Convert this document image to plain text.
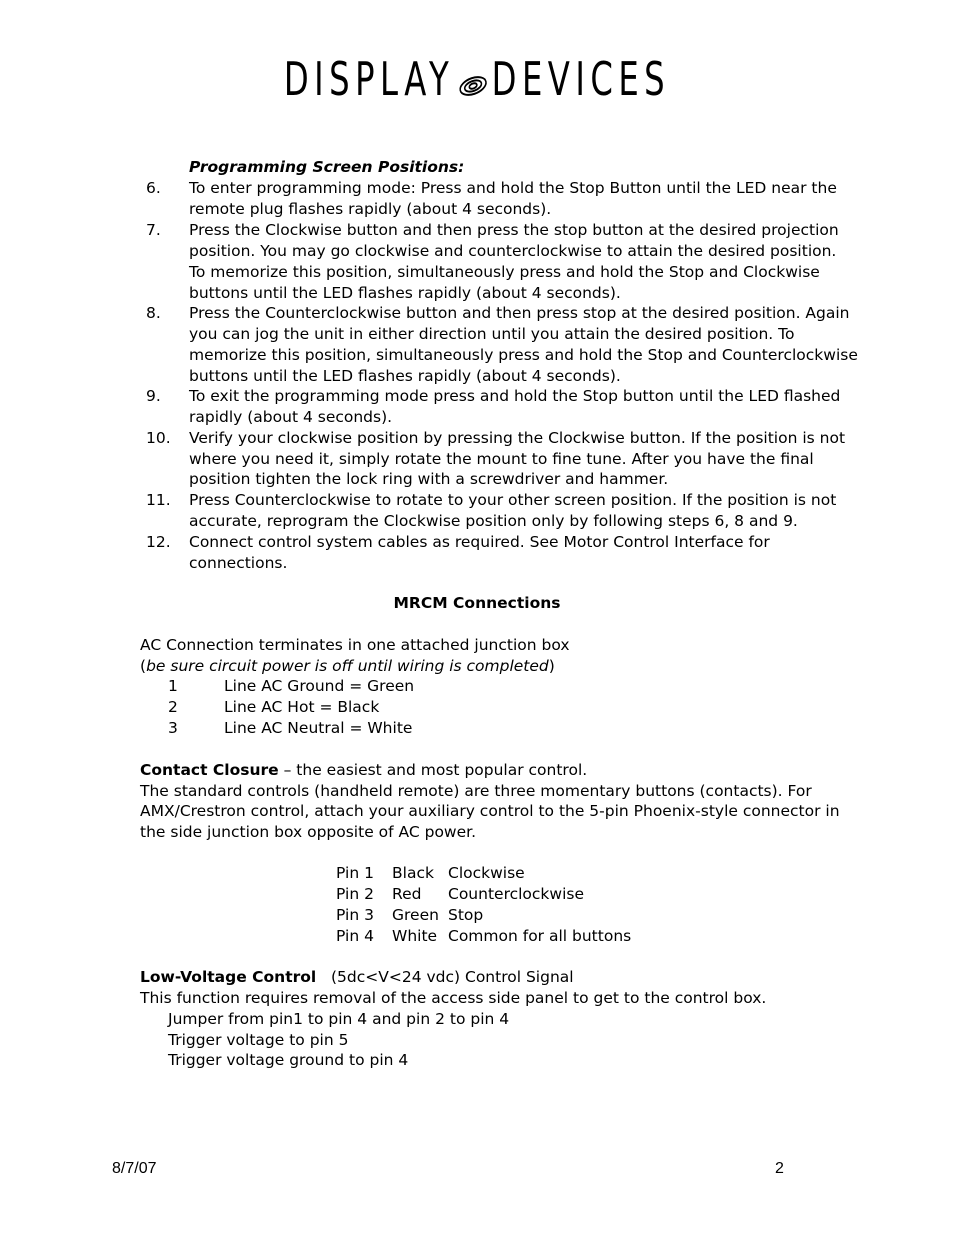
DISPLAY DEVICES
Programming Screen Positions:
6. To enter programming mode: Press and hold the Stop Button until the LED near the
remote plug flashes rapidly (about 4 seconds).
7. Press the Clockwise button and then press the stop button at the desired projection
position. You may go clockwise and counterclockwise to attain the desired position.
To memorize this position, simultaneously press and hold the Stop and Clockwise
buttons until the LED flashes rapidly (about 4 seconds).
8. Press the Counterclockwise button and then press stop at the desired position. Again
you can jog the unit in either direction until you attain the desired position. To
memorize this position, simultaneously press and hold the Stop and Counterclockwise
buttons until the LED flashes rapidly (about 4 seconds).
9. To exit the programming mode press and hold the Stop button until the LED flashed
rapidly (about 4 seconds).
10. Verify your clockwise position by pressing the Clockwise button. If the position is not
where you need it, simply rotate the mount to fine tune. After you have the final
position tighten the lock ring with a screwdriver and hammer.
11. Press Counterclockwise to rotate to your other screen position. If the position is not
accurate, reprogram the Clockwise position only by following steps 6, 8 and 9.
12. Connect control system cables as required. See Motor Control Interface for
connections.
MRCM Connections
AC Connection terminates in one attached junction box
(be sure circuit power is off until wiring is completed)
1	Line AC Ground = Green
2	Line AC Hot = Black
3	Line AC Neutral = White
Contact Closure – the easiest and most popular control.
The standard controls (handheld remote) are three momentary buttons (contacts). For
AMX/Crestron control, attach your auxiliary control to the 5-pin Phoenix-style connector in
the side junction box opposite of AC power.
Pin 1 Black Clockwise
Pin 2 Red Counterclockwise
Pin 3 Green Stop
Pin 4 White Common for all buttons
Low-Voltage Control   (5dc<V<24 vdc) Control Signal
This function requires removal of the access side panel to get to the control box.
Jumper from pin1 to pin 4 and pin 2 to pin 4
Trigger voltage to pin 5
Trigger voltage ground to pin 4
8/7/07	2
